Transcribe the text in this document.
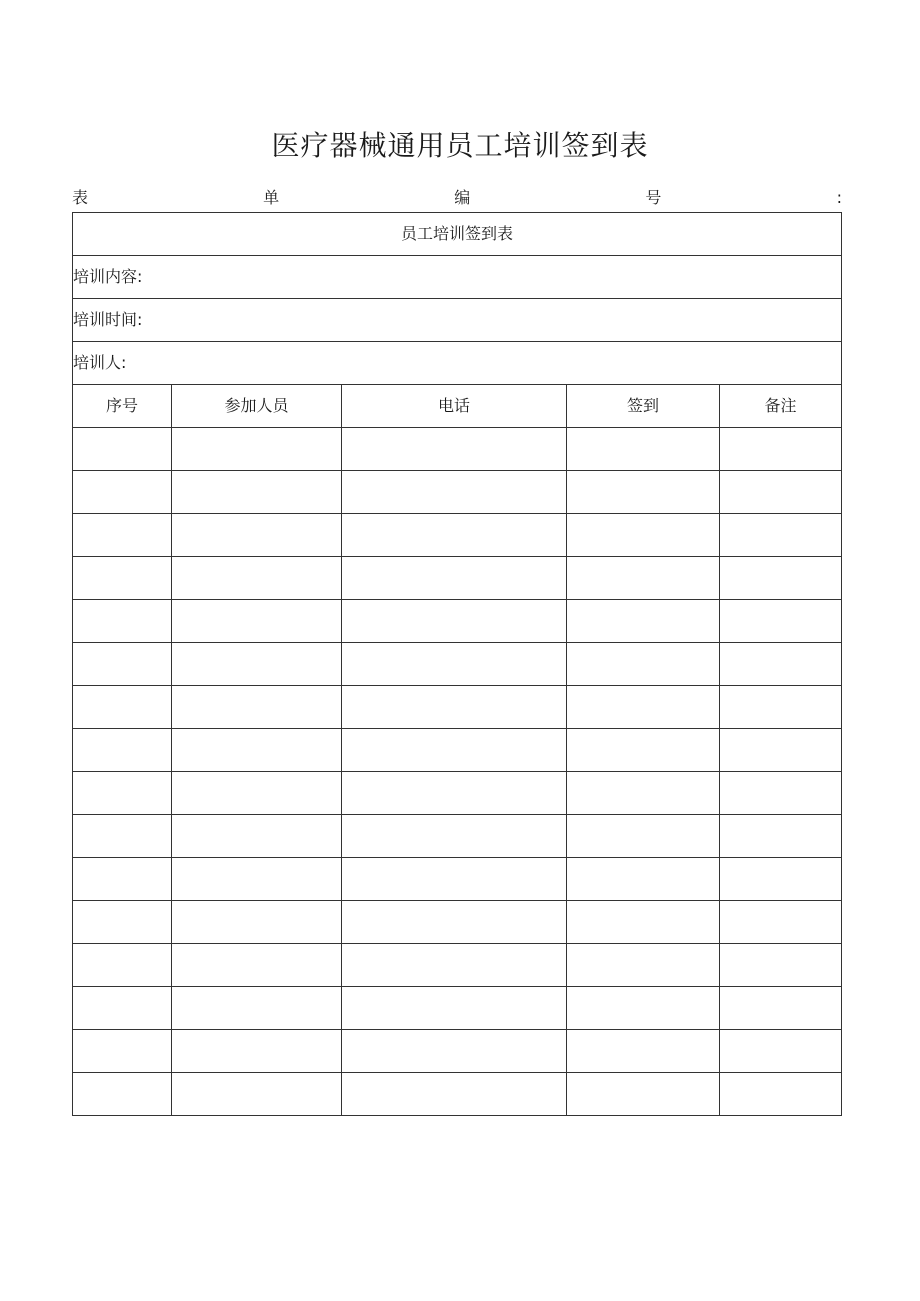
医疗器械通用员工培训签到表
表	单	编	号	:
员工培训签到表				
培训内容:				
培训时间:				
培训人:				
序号	参加人员	电话	签到	备注
